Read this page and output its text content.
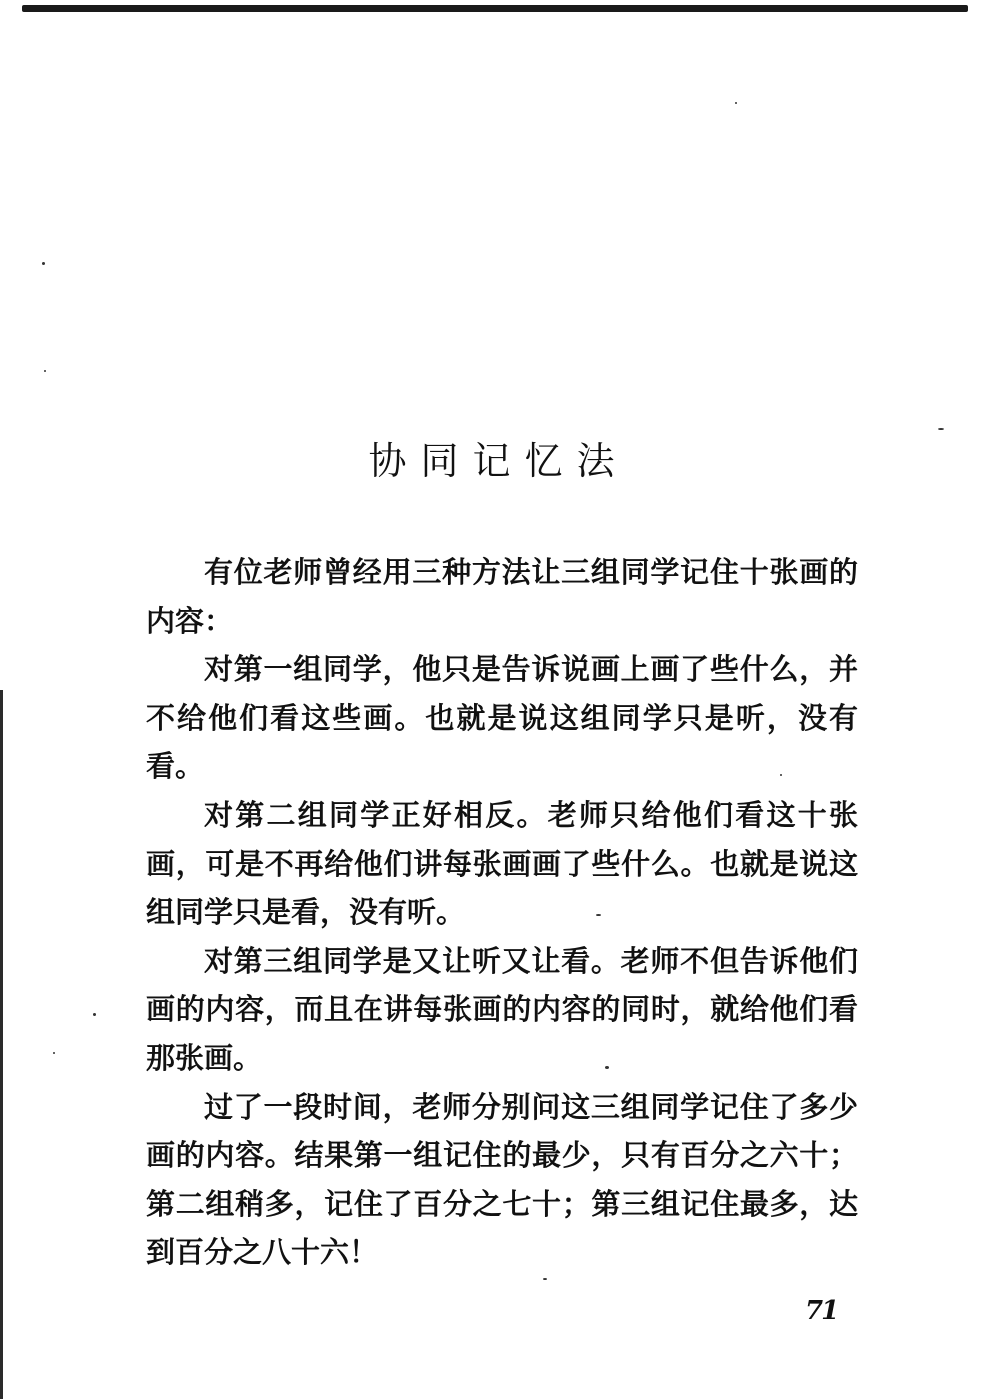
协同记忆法

有位老师曾经用三种方法让三组同学记住十张画的内容：

对第一组同学，他只是告诉说画上画了些什么，并不给他们看这些画。也就是说这组同学只是听，没有看。

对第二组同学正好相反。老师只给他们看这十张画，可是不再给他们讲每张画画了些什么。也就是说这组同学只是看，没有听。

对第三组同学是又让听又让看。老师不但告诉他们画的内容，而且在讲每张画的内容的同时，就给他们看那张画。

过了一段时间，老师分别问这三组同学记住了多少画的内容。结果第一组记住的最少，只有百分之六十；第二组稍多，记住了百分之七十；第三组记住最多，达到百分之八十六！

71
